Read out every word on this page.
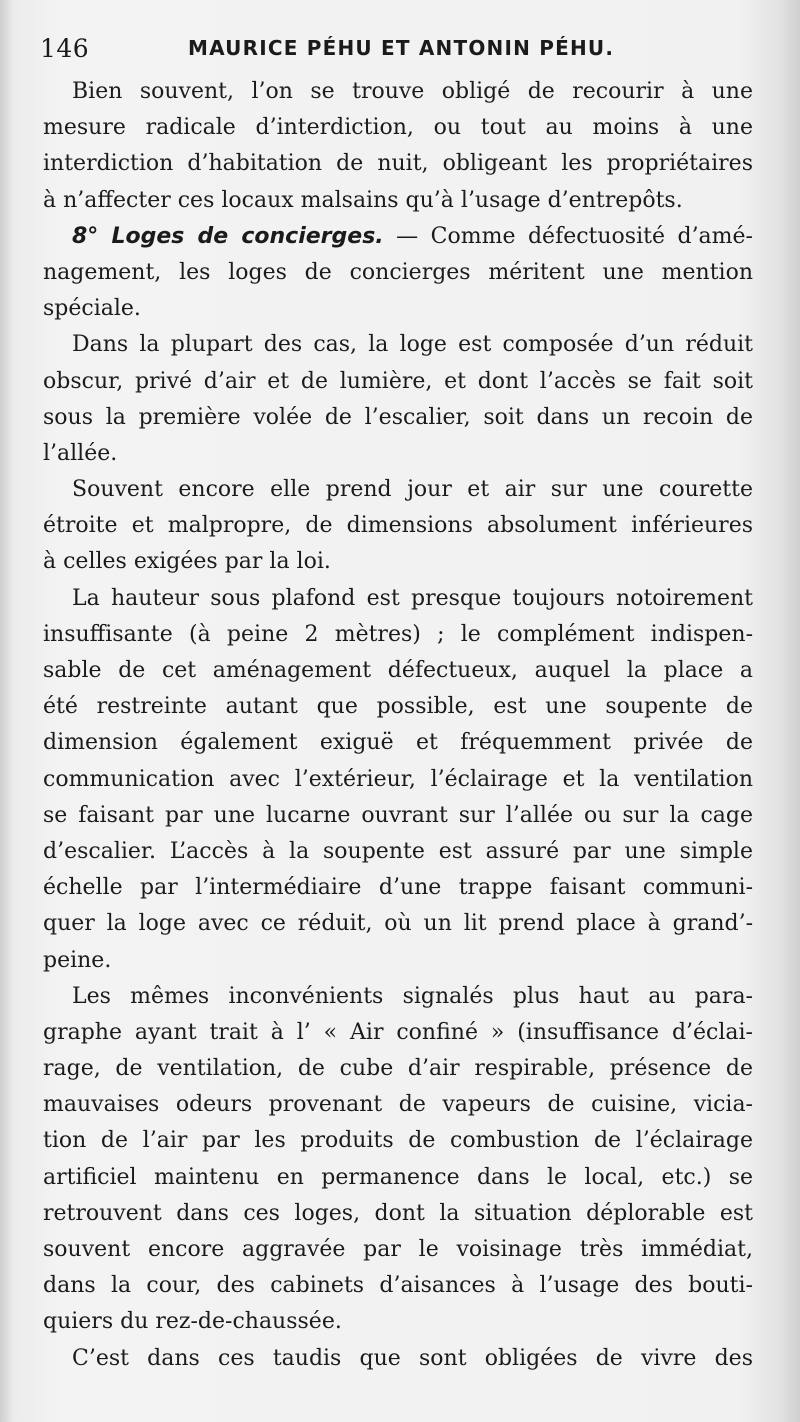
146	MAURICE PÉHU ET ANTONIN PÉHU.
Bien souvent, l’on se trouve obligé de recourir à une
mesure radicale d’interdiction, ou tout au moins à une
interdiction d’habitation de nuit, obligeant les propriétaires
à n’affecter ces locaux malsains qu’à l’usage d’entrepôts.
8° Loges de concierges. — Comme défectuosité d’amé-
nagement, les loges de concierges méritent une mention
spéciale.
Dans la plupart des cas, la loge est composée d’un réduit
obscur, privé d’air et de lumière, et dont l’accès se fait soit
sous la première volée de l’escalier, soit dans un recoin de
l’allée.
Souvent encore elle prend jour et air sur une courette
étroite et malpropre, de dimensions absolument inférieures
à celles exigées par la loi.
La hauteur sous plafond est presque toujours notoirement
insuffisante (à peine 2 mètres) ; le complément indispen-
sable de cet aménagement défectueux, auquel la place a
été restreinte autant que possible, est une soupente de
dimension également exiguë et fréquemment privée de
communication avec l’extérieur, l’éclairage et la ventilation
se faisant par une lucarne ouvrant sur l’allée ou sur la cage
d’escalier. L’accès à la soupente est assuré par une simple
échelle par l’intermédiaire d’une trappe faisant communi-
quer la loge avec ce réduit, où un lit prend place à grand’-
peine.
Les mêmes inconvénients signalés plus haut au para-
graphe ayant trait à l’ « Air confiné » (insuffisance d’éclai-
rage, de ventilation, de cube d’air respirable, présence de
mauvaises odeurs provenant de vapeurs de cuisine, vicia-
tion de l’air par les produits de combustion de l’éclairage
artificiel maintenu en permanence dans le local, etc.) se
retrouvent dans ces loges, dont la situation déplorable est
souvent encore aggravée par le voisinage très immédiat,
dans la cour, des cabinets d’aisances à l’usage des bouti-
quiers du rez-de-chaussée.
C’est dans ces taudis que sont obligées de vivre des
